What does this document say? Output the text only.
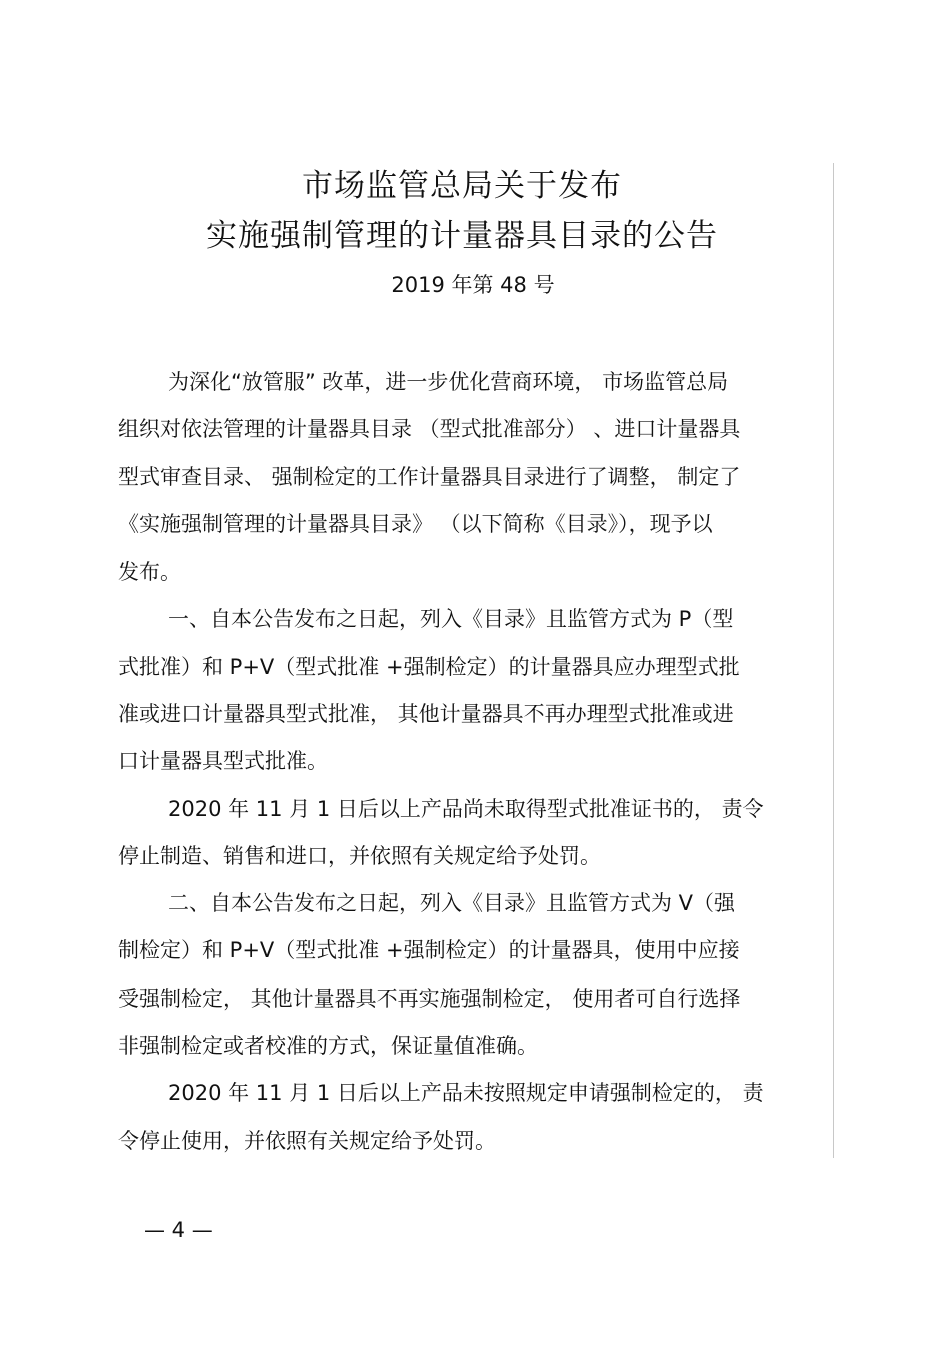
市场监管总局关于发布
实施强制管理的计量器具目录的公告
2019 年第 48 号
为深化“放管服” 改革，进一步优化营商环境， 市场监管总局
组织对依法管理的计量器具目录 （型式批准部分） 、进口计量器具
型式审查目录、 强制检定的工作计量器具目录进行了调整， 制定了
《实施强制管理的计量器具目录》 （以下简称《目录》），现予以
发布。
一、自本公告发布之日起，列入《目录》且监管方式为 P（型
式批准）和 P+V（型式批准 +强制检定）的计量器具应办理型式批
准或进口计量器具型式批准， 其他计量器具不再办理型式批准或进
口计量器具型式批准。
2020 年 11 月 1 日后以上产品尚未取得型式批准证书的， 责令
停止制造、销售和进口，并依照有关规定给予处罚。
二、自本公告发布之日起，列入《目录》且监管方式为 V（强
制检定）和 P+V（型式批准 +强制检定）的计量器具，使用中应接
受强制检定， 其他计量器具不再实施强制检定， 使用者可自行选择
非强制检定或者校准的方式，保证量值准确。
2020 年 11 月 1 日后以上产品未按照规定申请强制检定的， 责
令停止使用，并依照有关规定给予处罚。
— 4 —
